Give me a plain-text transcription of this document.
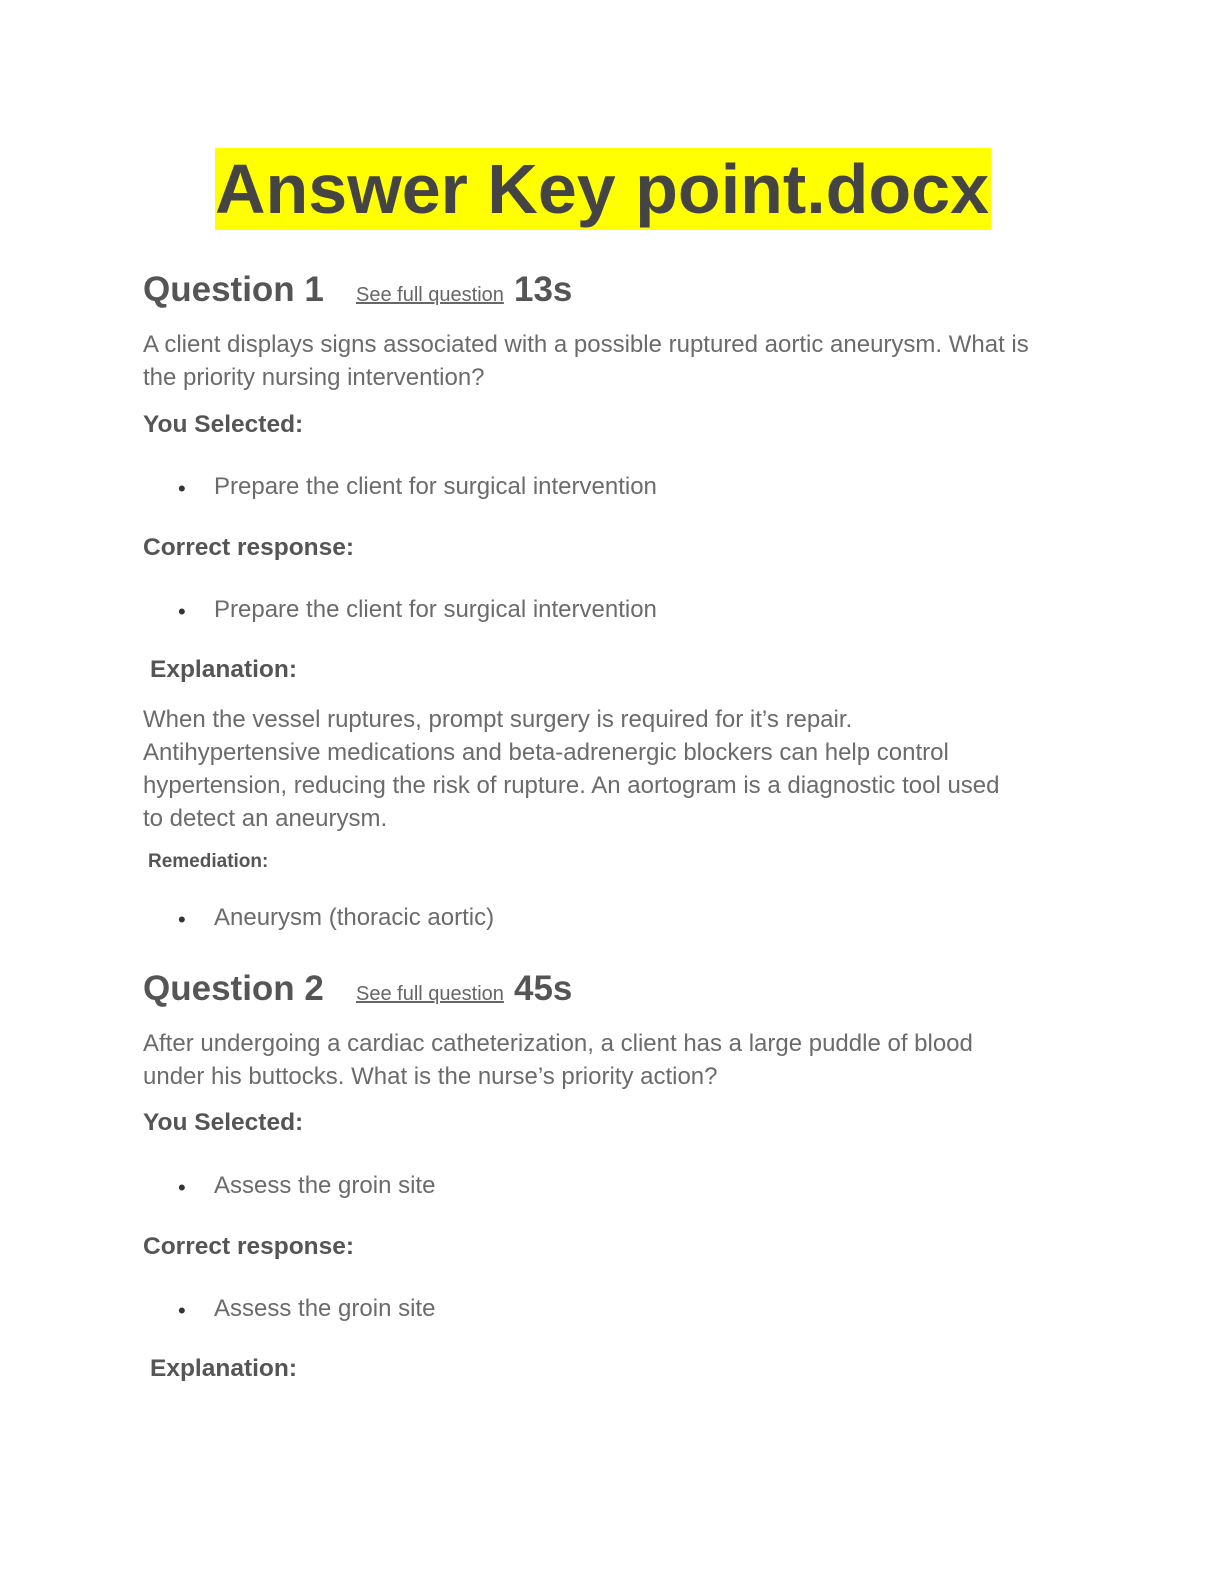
Answer Key point.docx
Question 1 See full question 13s
A client displays signs associated with a possible ruptured aortic aneurysm. What is
the priority nursing intervention?
You Selected:
• Prepare the client for surgical intervention
Correct response:
• Prepare the client for surgical intervention
Explanation:
When the vessel ruptures, prompt surgery is required for it’s repair.
Antihypertensive medications and beta-adrenergic blockers can help control
hypertension, reducing the risk of rupture. An aortogram is a diagnostic tool used
to detect an aneurysm.
Remediation:
• Aneurysm (thoracic aortic)
Question 2 See full question 45s
After undergoing a cardiac catheterization, a client has a large puddle of blood
under his buttocks. What is the nurse’s priority action?
You Selected:
• Assess the groin site
Correct response:
• Assess the groin site
Explanation:
